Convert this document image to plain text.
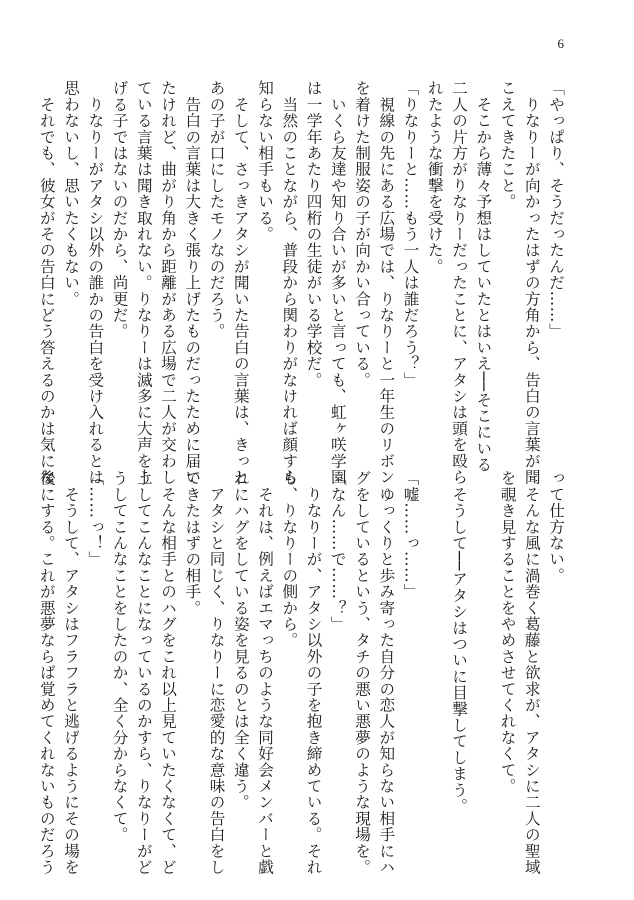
6
「やっぱり、そうだったんだ……」
　りなりーが向かったはずの方角から、告白の言葉が聞
こえてきたこと。
　そこから薄々予想はしていたとはいえ──そこにいる
二人の片方がりなりーだったことに、アタシは頭を殴ら
れたような衝撃を受けた。
「りなりーと……もう一人は誰だろう？」
　視線の先にある広場では、りなりーと一年生のリボン
を着けた制服姿の子が向かい合っている。
　いくら友達や知り合いが多いと言っても、虹ヶ咲学園
は一学年あたり四桁の生徒がいる学校だ。
　当然のことながら、普段から関わりがなければ顔すら
知らない相手もいる。
　そして、さっきアタシが聞いた告白の言葉は、きっと
あの子が口にしたモノなのだろう。
　告白の言葉は大きく張り上げたものだったために届い
たけれど、曲がり角から距離がある広場で二人が交わし
ている言葉は聞き取れない。りなりーは滅多に大声を上
げる子ではないのだから、尚更だ。
　りなりーがアタシ以外の誰かの告白を受け入れるとは
思わないし、思いたくもない。
　それでも、彼女がその告白にどう答えるのかは気にな
って仕方ない。
　そんな風に渦巻く葛藤と欲求が、アタシに二人の聖域
を覗き見することをやめさせてくれなくて。

　そうして──アタシはついに目撃してしまう。

「嘘……っ……」
　ゆっくりと歩み寄った自分の恋人が知らない相手にハ
グをしているという、タチの悪い悪夢のような現場を。
「なん……で……？」
　りなりーが、アタシ以外の子を抱き締めている。それ
も、りなりーの側から。
　それは、例えばエマっちのような同好会メンバーと戯
れにハグをしている姿を見るのとは全く違う。
　アタシと同じく、りなりーに恋愛的な意味の告白をし
てきたはずの相手。
　そんな相手とのハグをこれ以上見ていたくなくて、ど
うしてこんなことになっているのかすら、りなりーがど
うしてこんなことをしたのか、全く分からなくて。
「……っ！」
　そうして、アタシはフラフラと逃げるようにその場を
後にする。これが悪夢ならば覚めてくれないものだろう
